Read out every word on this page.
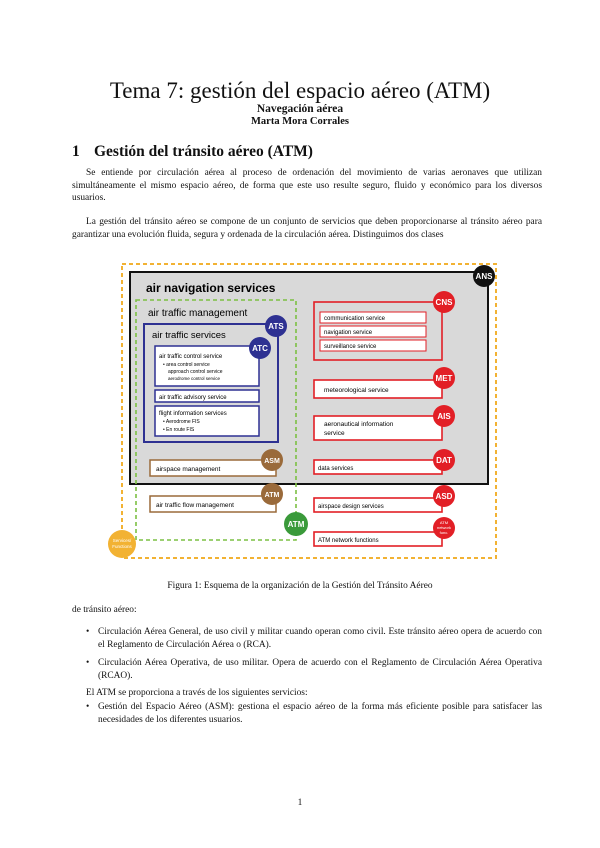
Tema 7: gestión del espacio aéreo (ATM)
Navegación aérea
Marta Mora Corrales
1 Gestión del tránsito aéreo (ATM)
Se entiende por circulación aérea al proceso de ordenación del movimiento de varias aeronaves que utilizan simultáneamente el mismo espacio aéreo, de forma que este uso resulte seguro, fluido y económico para los diversos usuarios.
La gestión del tránsito aéreo se compone de un conjunto de servicios que deben proporcionarse al tránsito aéreo para garantizar una evolución fluida, segura y ordenada de la circulación aérea. Distinguimos dos clases
air navigation services
air traffic management
air traffic services
air traffic control service
• area control service
approach control service
aerodrome control service
air traffic advisory service
flight information services
• Aerodrome FIS
• En route FIS
airspace management
air traffic flow management
communication service
navigation service
surveillance service
meteorological service
aeronautical information
service
data services
airspace design services
ATM network functions
ANS
ATS
ATC
CNS
MET
AIS
DAT
ASD
ATM
network
func.
ASM
ATM
ATM
Services/
Functions
Figura 1: Esquema de la organización de la Gestión del Tránsito Aéreo
de tránsito aéreo:
• Circulación Aérea General, de uso civil y militar cuando operan como civil. Este tránsito aéreo opera de acuerdo con el Reglamento de Circulación Aérea o (RCA).
• Circulación Aérea Operativa, de uso militar. Opera de acuerdo con el Reglamento de Circulación Aérea Operativa (RCAO).
El ATM se proporciona a través de los siguientes servicios:
• Gestión del Espacio Aéreo (ASM): gestiona el espacio aéreo de la forma más eficiente posible para satisfacer las necesidades de los diferentes usuarios.
1
